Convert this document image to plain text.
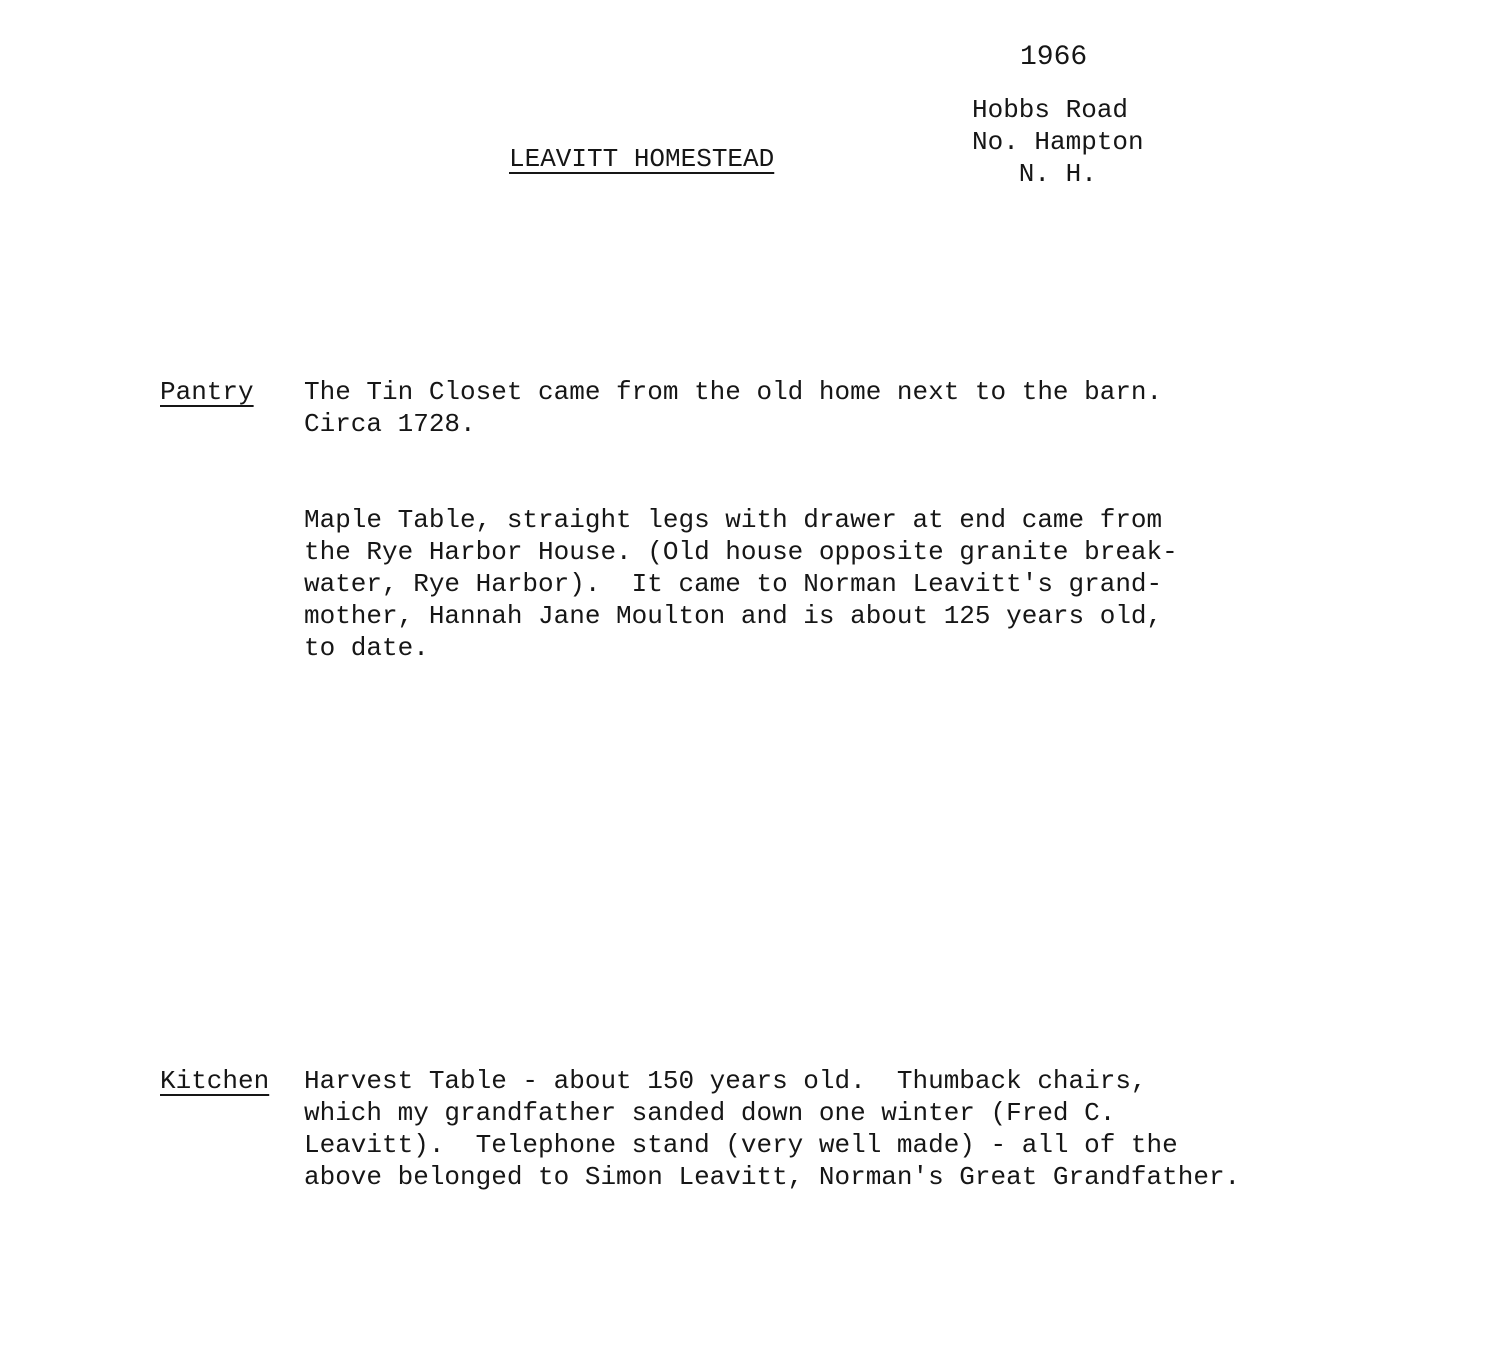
1966
Hobbs Road
No. Hampton
N. H.
LEAVITT HOMESTEAD
Pantry The Tin Closet came from the old home next to the barn.
Circa 1728.
Maple Table, straight legs with drawer at end came from
the Rye Harbor House. (Old house opposite granite break-
water, Rye Harbor).  It came to Norman Leavitt's grand-
mother, Hannah Jane Moulton and is about 125 years old,
to date.
Kitchen Harvest Table - about 150 years old.  Thumback chairs,
which my grandfather sanded down one winter (Fred C.
Leavitt).  Telephone stand (very well made) - all of the
above belonged to Simon Leavitt, Norman's Great Grandfather.
